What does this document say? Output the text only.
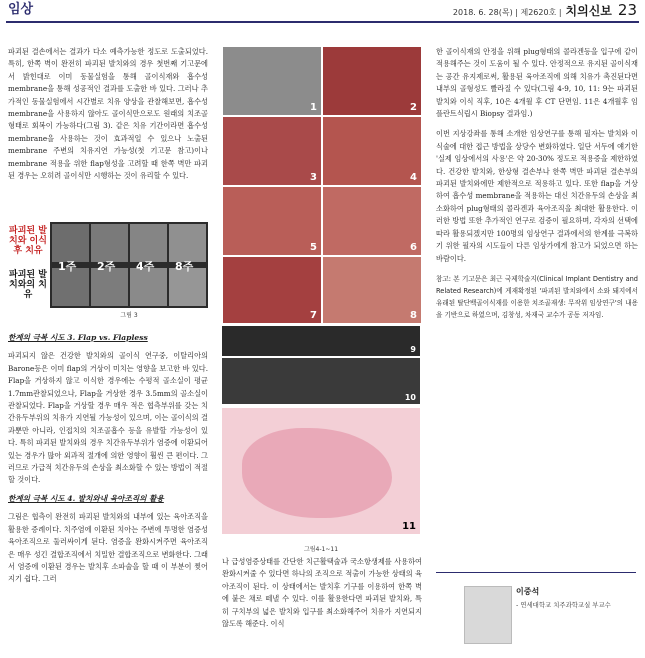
임상	2018. 6. 28(목) | 제2620호 | 치의신보 23

파괴된 결손에서는 결과가 다소 예측가능한 정도로 도출되었다. 특히, 한쪽 벽이 완전히 파괴된 발치와의 경우 첫번째 기고문에서 밝힌대로 이미 동물실험을 통해 골이식재와 흡수성 membrane을 통해 성공적인 결과를 도출한 바 있다. 그러나 추가적인 동물실험에서 시간별로 치유 양상을 관찰해보면, 흡수성 membrane을 사용하지 않아도 골이식만으로도 원래의 치조골형태로 회복이 가능하다(그림 3). 같은 치유 기간이라면 흡수성 membrane을 사용하는 것이 효과적일 수 있으나 노출된 membrane 주변의 치유지연 가능성(첫 기고문 참고)이나 membrane 적용을 위한 flap형성을 고려할 때 한쪽 벽만 파괴된 경우는 오히려 골이식만 시행하는 것이 유리할 수 있다.

파괴된 발치와 이식후 치유
파괴된 발치와의 치유
1주 2주 4주 8주
그림 3
한계의 극복 시도 3. Flap vs. Flapless

파괴되지 않은 건강한 발치와의 골이식 연구중, 이탈리아의 Barone등은 이미 flap의 거상이 미치는 영향을 보고한 바 있다. Flap을 거상하지 않고 이식한 경우에는 수평적 골소실이 평균 1.7mm관찰되었으나, Flap을 거상한 경우 3.5mm의 골소실이 관찰되었다. Flap을 거상할 경우 매우 적은 협측부위를 갖는 치간유두부위의 치유가 지연될 가능성이 있으며, 이는 골이식의 결과뿐만 아니라, 인접치의 치조골흡수 등을 유발할 가능성이 있다. 특히 파괴된 발치와의 경우 치간유두부위가 염증에 이환되어 있는 경우가 많아 외과적 절개에 의한 영향이 훨씬 큰 편이다. 그러므로 가급적 치간유두의 손상을 최소화할 수 있는 방법이 적절할 것이다.

한계의 극복 시도 4. 발치와내 육아조직의 활용

그림은 협측이 완전히 파괴된 발치와의 내부에 있는 육아조직을 활용한 증례이다. 치주염에 이환된 치아는 주변에 투명한 염증성 육아조직으로 둘러싸이게 된다. 염증을 완화시켜주면 육아조직은 매우 성긴 결합조직에서 치밀한 결합조직으로 변화한다. 그래서 염증에 이환된 경우는 발치후 소파술을 할 때 이 부분이 찢어지기 쉽다. 그러

1	2
3	4
5	6
7	8
9
10
11
그림4-1~11

나 급성염증상태를 간단한 치근활택술과 국소항생제를 사용하여 완화시켜줄 수 있다면 하나의 조직으로 적출이 가능한 상태의 육아조직이 된다. 이 상태에서는 발치후 기구를 이용하여 한쪽 벽에 붙은 채로 떼낼 수 있다. 이를 활용한다면 파괴된 발치와, 특히 구치부의 넓은 발치와 입구를 최소화해주어 치유가 지연되지 않도록 해준다. 이식

한 골이식재의 안정을 위해 plug형태의 콜라겐등을 입구에 같이 적용해주는 것이 도움이 될 수 있다. 안정적으로 유지된 골이식재는 공간 유지제로써, 활용된 육아조직에 의해 치유가 촉진된다면 내부의 골형성도 빨라질 수 있다(그림 4-9, 10, 11: 9는 파괴된 발치와 이식 직후, 10은 4개월 후 CT 단면임. 11은 4개월후 임플란트식립시 Biopsy 결과임.)

이번 지상강좌를 통해 소개한 임상연구를 통해 필자는 발치와 이식술에 대한 접근 방법을 상당수 변화하였다. 일단 서두에 얘기한 '실제 임상에서의 사용'은 약 20-30% 정도로 적용증을 제한하였다. 건강한 발치와, 한상형 결손부나 한쪽 벽만 파괴된 결손부의 파괴된 발치와에만 제한적으로 적용하고 있다. 또한 flap을 거상하여 흡수성 membrane을 적용하는 대신 치간유두의 손상을 최소화하여 plug형태의 콜라겐과 육아조직을 최대한 활용한다. 이러한 방법 또한 추가적인 연구로 검증이 필요하며, 각자의 선택에 따라 활용되겠지만 100명의 임상연구 결과에서의 한계를 극복하기 위한 필자의 시도들이 다른 임상가에게 참고가 되었으면 하는 바람이다.

참고: 본 기고문은 최근 국제학술지(Clinical Implant Dentistry and Related Research)에 게재확정된 '파괴된 발치와에서 소와 돼지에서 유래된 탈단백골이식재를 이용한 치조골재생: 무작위 임상연구'의 내용을 기반으로 하였으며, 김창성, 차재국 교수가 공동 저자임.

이중석
- 연세대학교 치주과학교실 부교수
